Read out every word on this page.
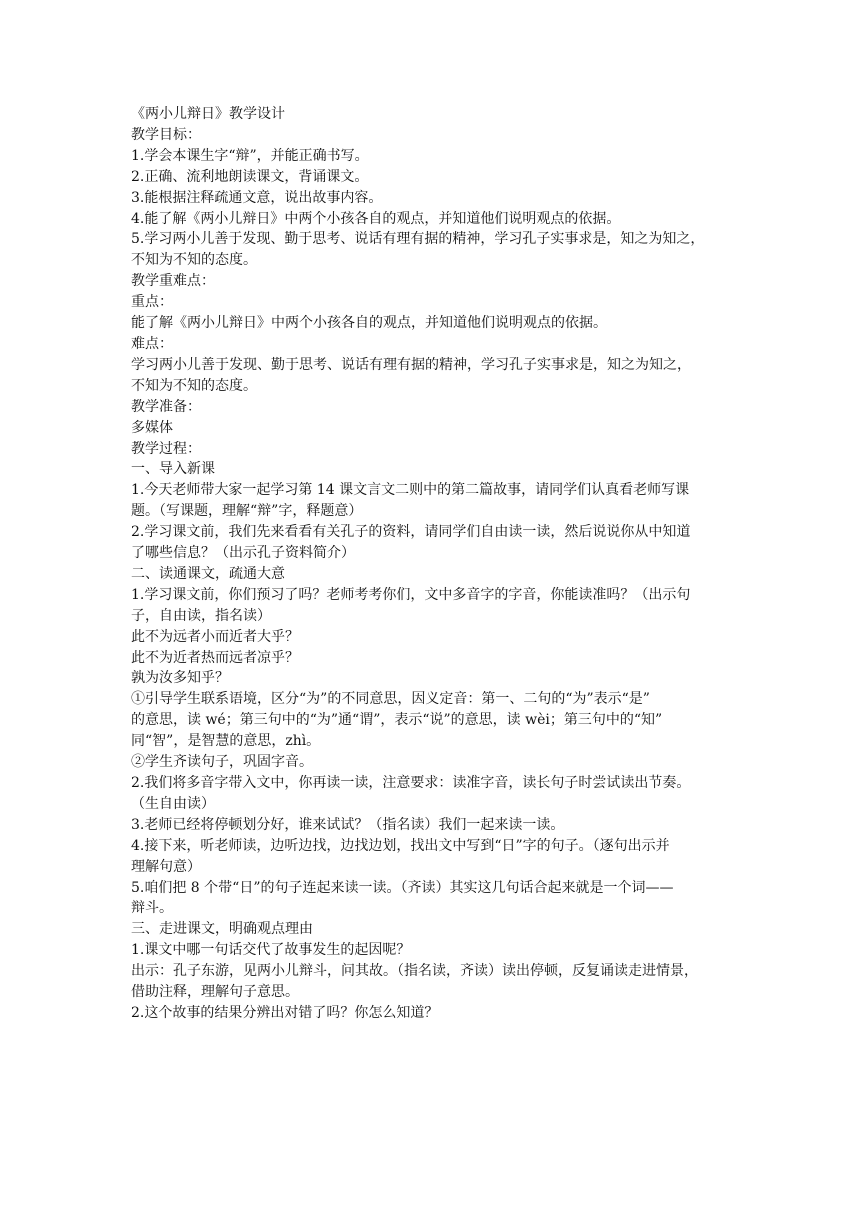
《两小儿辩日》教学设计

教学目标：

1.学会本课生字“辩”，并能正确书写。

2.正确、流利地朗读课文，背诵课文。

3.能根据注释疏通文意，说出故事内容。

4.能了解《两小儿辩日》中两个小孩各自的观点，并知道他们说明观点的依据。

5.学习两小儿善于发现、勤于思考、说话有理有据的精神，学习孔子实事求是，知之为知之，

不知为不知的态度。

教学重难点：

重点：

能了解《两小儿辩日》中两个小孩各自的观点，并知道他们说明观点的依据。

难点：

学习两小儿善于发现、勤于思考、说话有理有据的精神，学习孔子实事求是，知之为知之，

不知为不知的态度。

教学准备：

多媒体

教学过程：

一、导入新课

1.今天老师带大家一起学习第 14 课文言文二则中的第二篇故事，请同学们认真看老师写课

题。（写课题，理解“辩”字，释题意）

2.学习课文前，我们先来看看有关孔子的资料，请同学们自由读一读，然后说说你从中知道

了哪些信息？（出示孔子资料简介）

二、读通课文，疏通大意

1.学习课文前，你们预习了吗？老师考考你们，文中多音字的字音，你能读准吗？（出示句

子，自由读，指名读）

此不为远者小而近者大乎？

此不为近者热而远者凉乎？

孰为汝多知乎？

①引导学生联系语境，区分“为”的不同意思，因义定音：第一、二句的“为”表示“是”

的意思，读 wé；第三句中的“为”通“谓”，表示“说”的意思，读 wèi；第三句中的“知”

同“智”，是智慧的意思，zhì。

②学生齐读句子，巩固字音。

2.我们将多音字带入文中，你再读一读，注意要求：读准字音，读长句子时尝试读出节奏。

（生自由读）

3.老师已经将停顿划分好，谁来试试？（指名读）我们一起来读一读。

4.接下来，听老师读，边听边找，边找边划，找出文中写到“日”字的句子。（逐句出示并

理解句意）

5.咱们把 8 个带“日”的句子连起来读一读。（齐读）其实这几句话合起来就是一个词——

辩斗。

三、走进课文，明确观点理由

1.课文中哪一句话交代了故事发生的起因呢？

出示：孔子东游，见两小儿辩斗，问其故。（指名读，齐读）读出停顿，反复诵读走进情景，

借助注释，理解句子意思。

2.这个故事的结果分辨出对错了吗？你怎么知道？
